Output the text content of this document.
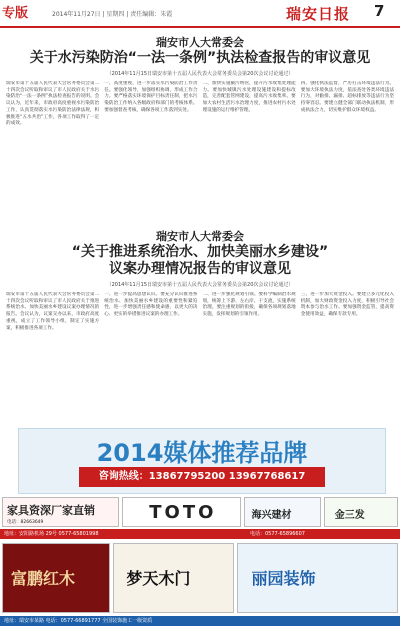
专版	2014年11月27日 | 星期四 | 责任编辑：朱霞	瑞安日报 7

瑞安市人大常委会

关于水污染防治“一法一条例”执法检查报告的审议意见

（2014年11月15日瑞安市第十五届人民代表大会常务委员会第20次会议讨论通过）

瑞安市第十五届人民代表大会常务委员会第二十四次会议听取和审议了市人民政府关于水污染防治“一法一条例”执法检查报告的说明。会议认为，近年来，市政府高度重视水污染防治工作，认真贯彻落实水污染防治法律法规，积极推进“五水共治”工作，各项工作取得了一定的成效。
一、高度重视，进一步落实水污染防治工作责任。要强化领导，加强组织协调，形成工作合力。要严格落实环境保护目标责任制，把水污染防治工作纳入各级政府和部门的考核体系。要加强督查考核，确保各项工作落到实处。
二、加快实施截污纳管，提升污水收集处理能力。要加快城镇污水处理设施建设和提标改造，完善配套管网建设，提高污水收集率。要加大农村生活污水治理力度，推进农村污水处理设施的运行维护管理。
四、强化执法监督，严厉打击环境违法行为。要加大环境执法力度，依法查处各类环境违法行为，对偷排、漏排、超标排放等违法行为坚持零容忍。要建立健全部门联动执法机制，形成执法合力，切实维护群众环境权益。

瑞安市人大常委会

“关于推进系统治水、加快美丽水乡建设”

议案办理情况报告的审议意见

（2014年11月15日瑞安市第十五届人民代表大会常务委员会第20次会议讨论通过）

瑞安市第十五届人民代表大会常务委员会第二十四次会议听取和审议了市人民政府关于推进系统治水、加快美丽水乡建设议案办理情况的报告。会议认为，议案交办以来，市政府高度重视，成立了工作领导小组，制定了实施方案，积极推进各项工作。
一、进一步提高思想认识。要充分认识推进系统治水、加快美丽水乡建设的重要性和紧迫性，进一步增强责任感和使命感，以更大的决心、更实的举措推进议案的办理工作。
二、进一步强化规划引领。要科学编制治水规划，统筹上下游、左右岸、干支流，实施系统治理。要注重规划的衔接，确保各项规划落地实施，发挥规划的引领作用。
三、进一步加大资金投入。要建立多元化投入机制，加大财政资金投入力度，积极引导社会资本参与治水工作。要加强资金监管，提高资金使用效益，确保专款专用。
2014媒体推荐品牌
咨询热线：13867795200 13967768617
家具资深厂家直销
电话：82663649	TOTO	海兴建材	金三发
地址：安阳路机场 29号 0577-65801998	电话：0577-65896607
富鹏红木	梦天木门	丽园装饰
地址：瑞安市某路 电话：0577-66891777 全国装饰施工一级资质
